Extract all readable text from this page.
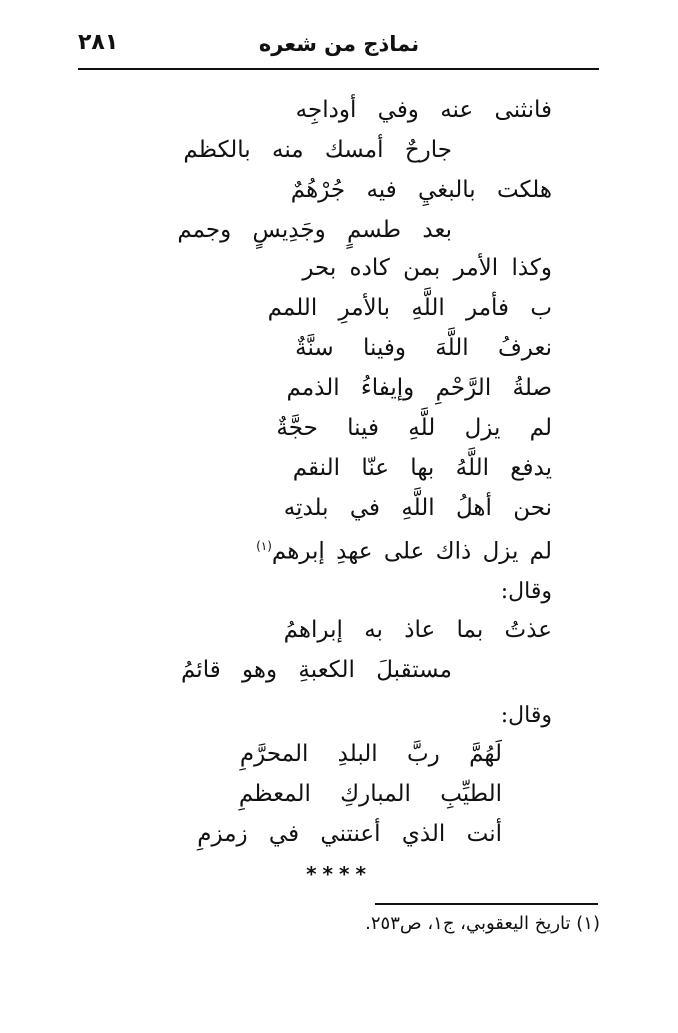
٢٨١	نماذج من شعره
فانثنى عنه وفي أوداجِه
جارحٌ أمسك منه بالكظم
هلكت بالبغيِ فيه جُرْهُمٌ
بعد طسمٍ وجَدِيسٍ وجمم
وكذا الأمر بمن كاده بحر
ب فأمر اللَّهِ بالأمرِ اللمم
نعرفُ اللَّهَ وفينا سنَّةٌ
صلةُ الرَّحْمِ وإيفاءُ الذمم
لم يزل للَّهِ فينا حجَّةٌ
يدفع اللَّهُ بها عنّا النقم
نحن أهلُ اللَّهِ في بلدتِه
لم يزل ذاك على عهدِ إبرهم$^{(١)}$
وقال:
عذتُ بما عاذ به إبراهمُ
مستقبلَ الكعبةِ وهو قائمُ
وقال:
لَهُمَّ ربَّ البلدِ المحرَّمِ
الطيِّبِ المباركِ المعظمِ
أنت الذي أعنتني في زمزمِ
****
(١) تاريخ اليعقوبي، ج١، ص٢٥٣.
